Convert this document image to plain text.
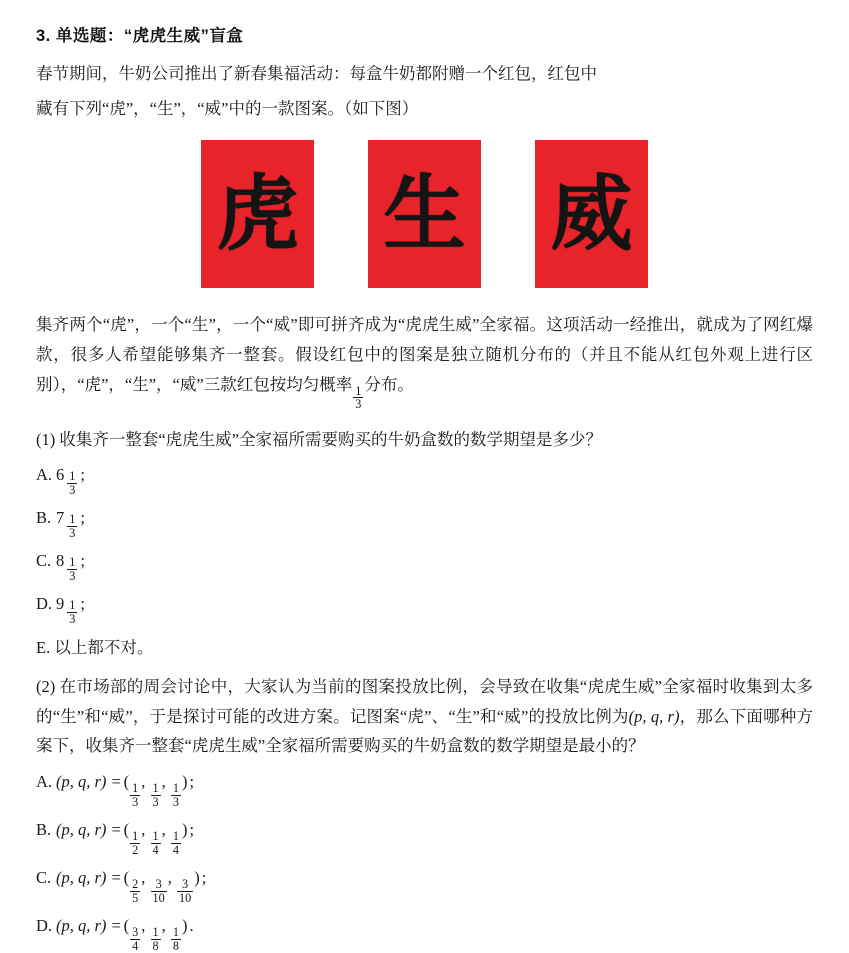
3. 单选题：“虎虎生威”盲盒
春节期间，牛奶公司推出了新春集福活动：每盒牛奶都附赠一个红包，红包中
藏有下列“虎”，“生”，“威”中的一款图案。（如下图）
虎 生 威
集齐两个“虎”，一个“生”，一个“威”即可拼齐成为“虎虎生威”全家福。这项活动一经推出，就成为了网红爆款，很多人希望能够集齐一整套。假设红包中的图案是独立随机分布的（并且不能从红包外观上进行区别），“虎”，“生”，“威”三款红包按均匀概率
$\frac{1}{3}$
分布。
(1) 收集齐一整套“虎虎生威”全家福所需要购买的牛奶盒数的数学期望是多少？
A. $6 \frac{1}{3}$ ;
B. $7 \frac{1}{3}$ ;
C. $8 \frac{1}{3}$ ;
D. $9 \frac{1}{3}$ ;
E. 以上都不对。
(2) 在市场部的周会讨论中，大家认为当前的图案投放比例，会导致在收集“虎虎生威”全家福时收集到太多的“生”和“威”，于是探讨可能的改进方案。记图案“虎”、“生”和“威”的投放比例为(p, q, r)，那么下面哪种方案下，收集齐一整套“虎虎生威”全家福所需要购买的牛奶盒数的数学期望是最小的？
A. (p, q, r) = (
$\frac{1}{3}$
,
$\frac{1}{3}$
,
$\frac{1}{3}$
) ;
B. (p, q, r) = (
$\frac{1}{2}$
,
$\frac{1}{4}$
,
$\frac{1}{4}$
) ;
C. (p, q, r) = (
$\frac{2}{5}$
,
$\frac{3}{10}$
,
$\frac{3}{10}$
) ;
D. (p, q, r) = (
$\frac{3}{4}$
,
$\frac{1}{8}$
,
$\frac{1}{8}$
) .
